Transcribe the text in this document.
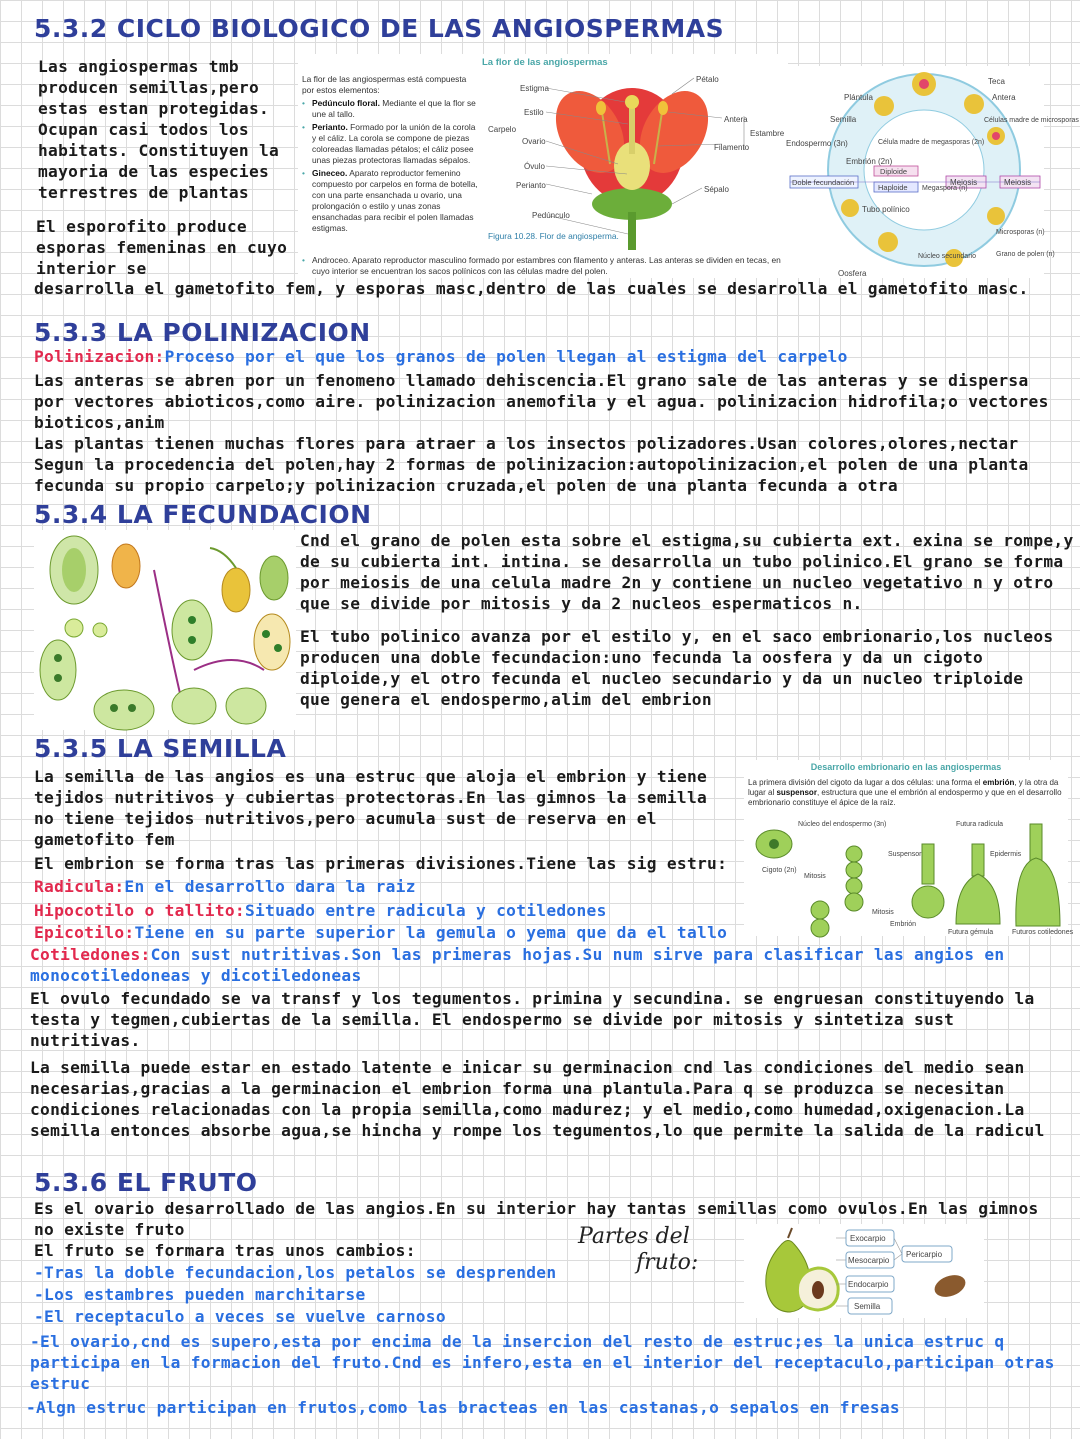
5.3.2 CICLO BIOLOGICO DE LAS ANGIOSPERMAS

Las angiospermas tmb producen semillas,pero estas estan protegidas. Ocupan casi todos los habitats. Constituyen la mayoria de las especies terrestres de plantas

El esporofito produce esporas femeninas en cuyo interior se

desarrolla el gametofito fem, y esporas masc,dentro de las cuales se desarrolla el gametofito masc.

La flor de las angiospermas está compuesta por estos elementos:
• Pedúnculo floral. Mediante el que la flor se une al tallo.
• Perianto. Formado por la unión de la corola y el cáliz. La corola se compone de piezas coloreadas llamadas pétalos; el cáliz posee unas piezas protectoras llamadas sépalos.
• Gineceo. Aparato reproductor femenino compuesto por carpelos en forma de botella, con una parte ensanchada u ovario, una prolongación o estilo y unas zonas ensanchadas para recibir el polen llamadas estigmas.
• Androceo. Aparato reproductor masculino formado por estambres con filamento y anteras. Las anteras se dividen en tecas, en cuyo interior se encuentran los sacos polínicos con las células madre del polen.
Figura 10.28. Flor de angiosperma.
La flor de las angiospermas
Estigma
Estilo
Carpelo
Ovario
Óvulo
Perianto
Pedúnculo
Pétalo
Antera
Filamento
Estambre
Sépalo
Plántula
Semilla
Endospermo (3n)
Embrión (2n)
Doble fecundación
Teca
Antera
Células madre de microsporas
Célula madre de megasporas (2n)
Diploide
Haploide
Meiosis	Meiosis
Megaspora (n)
Tubo polínico
Núcleo secundario
Oosfera
Microsporas (n)
Grano de polen (n)
5.3.3 LA POLINIZACION

Polinizacion:Proceso por el que los granos de polen llegan al estigma del carpelo

Las anteras se abren por un fenomeno llamado dehiscencia.El grano sale de las anteras y se dispersa por vectores abioticos,como aire. polinizacion anemofila y el agua. polinizacion hidrofila;o vectores bioticos,anim

Las plantas tienen muchas flores para atraer a los insectos polizadores.Usan colores,olores,nectar

Segun la procedencia del polen,hay 2 formas de polinizacion:autopolinizacion,el polen de una planta fecunda su propio carpelo;y polinizacion cruzada,el polen de una planta fecunda a otra

5.3.4 LA FECUNDACION

Cnd el grano de polen esta sobre el estigma,su cubierta ext. exina se rompe,y de su cubierta int. intina. se desarrolla un tubo polinico.El grano se forma por meiosis de una celula madre 2n y contiene un nucleo vegetativo n y otro que se divide por mitosis y da 2 nucleos espermaticos n.

El tubo polinico avanza por el estilo y, en el saco embrionario,los nucleos producen una doble fecundacion:uno fecunda la oosfera y da un cigoto diploide,y el otro fecunda el nucleo secundario y da un nucleo triploide que genera el endospermo,alim del embrion

5.3.5 LA SEMILLA

La semilla de las angios es una estruc que aloja el embrion y tiene tejidos nutritivos y cubiertas protectoras.En las gimnos la semilla no tiene tejidos nutritivos,pero acumula sust de reserva en el gametofito fem

El embrion se forma tras las primeras divisiones.Tiene las sig estru:

Radicula:En el desarrollo dara la raiz

Hipocotilo o tallito:Situado entre radicula y cotiledones

Epicotilo:Tiene en su parte superior la gemula o yema que da el tallo

Cotiledones:Con sust nutritivas.Son las primeras hojas.Su num sirve para clasificar las angios en monocotiledoneas y dicotiledoneas

El ovulo fecundado se va transf y los tegumentos. primina y secundina. se engruesan constituyendo la testa y tegmen,cubiertas de la semilla. El endospermo se divide por mitosis y sintetiza sust nutritivas.

La semilla puede estar en estado latente e inicar su germinacion cnd las condiciones del medio sean necesarias,gracias a la germinacion el embrion forma una plantula.Para q se produzca se necesitan condiciones relacionadas con la propia semilla,como madurez; y el medio,como humedad,oxigenacion.La semilla entonces absorbe agua,se hincha y rompe los tegumentos,lo que permite la salida de la radicul

Desarrollo embrionario en las angiospermas
La primera división del cigoto da lugar a dos células: una forma el embrión, y la otra da lugar al suspensor, estructura que une el embrión al endospermo y que en el desarrollo embrionario constituye el ápice de la raíz.
Núcleo del endospermo (3n)
Cigoto (2n)
Mitosis
Mitosis
Suspensor
Embrión
Futura radícula
Epidermis
Futura gémula	Futuros cotiledones
5.3.6 EL FRUTO

Es el ovario desarrollado de las angios.En su interior hay tantas semillas como ovulos.En las gimnos no existe fruto

El fruto se formara tras unos cambios:

-Tras la doble fecundacion,los petalos se desprenden

-Los estambres pueden marchitarse

-El receptaculo a veces se vuelve carnoso

-El ovario,cnd es supero,esta por encima de la insercion del resto de estruc;es la unica estruc q participa en la formacion del fruto.Cnd es infero,esta en el interior del receptaculo,participan otras estruc

-Algn estruc participan en frutos,como las bracteas en las castanas,o sepalos en fresas

Partes del
fruto:
Exocarpio
Mesocarpio
Endocarpio
Semilla
Pericarpio
